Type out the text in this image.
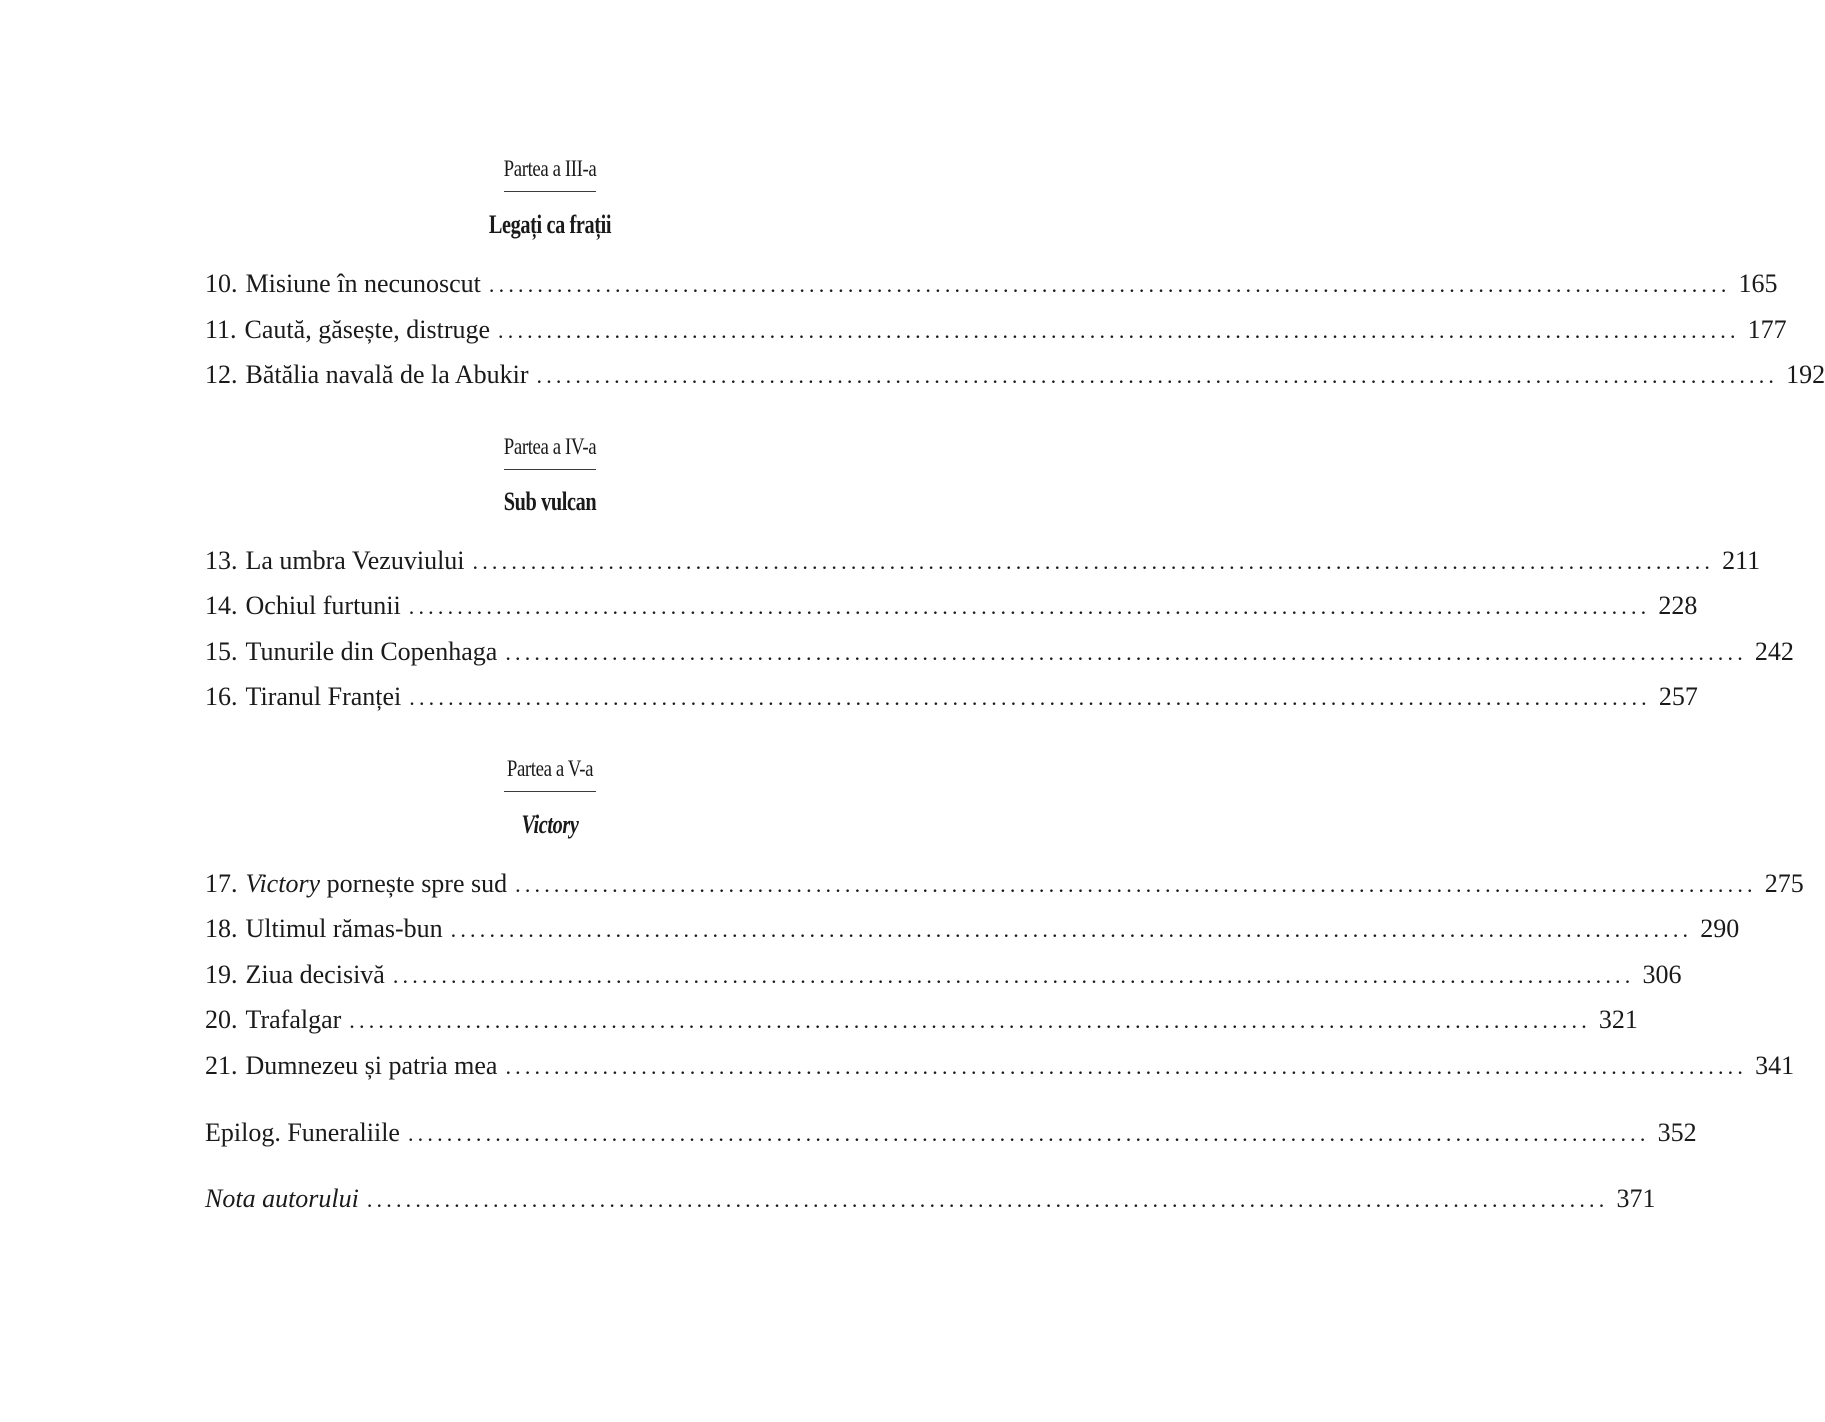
Partea a III-a
Legați ca frații
10. Misiune în necunoscut ................................................................................................................................ 165
11. Caută, găsește, distruge ................................................................................................................................ 177
12. Bătălia navală de la Abukir ................................................................................................................................ 192
Partea a IV-a
Sub vulcan
13. La umbra Vezuviului ................................................................................................................................ 211
14. Ochiul furtunii ................................................................................................................................ 228
15. Tunurile din Copenhaga ................................................................................................................................ 242
16. Tiranul Franței ................................................................................................................................ 257
Partea a V-a
Victory
17. Victory pornește spre sud ................................................................................................................................ 275
18. Ultimul rămas-bun ................................................................................................................................ 290
19. Ziua decisivă ................................................................................................................................ 306
20. Trafalgar ................................................................................................................................ 321
21. Dumnezeu și patria mea ................................................................................................................................ 341
Epilog. Funeraliile ................................................................................................................................ 352
Nota autorului ................................................................................................................................ 371
